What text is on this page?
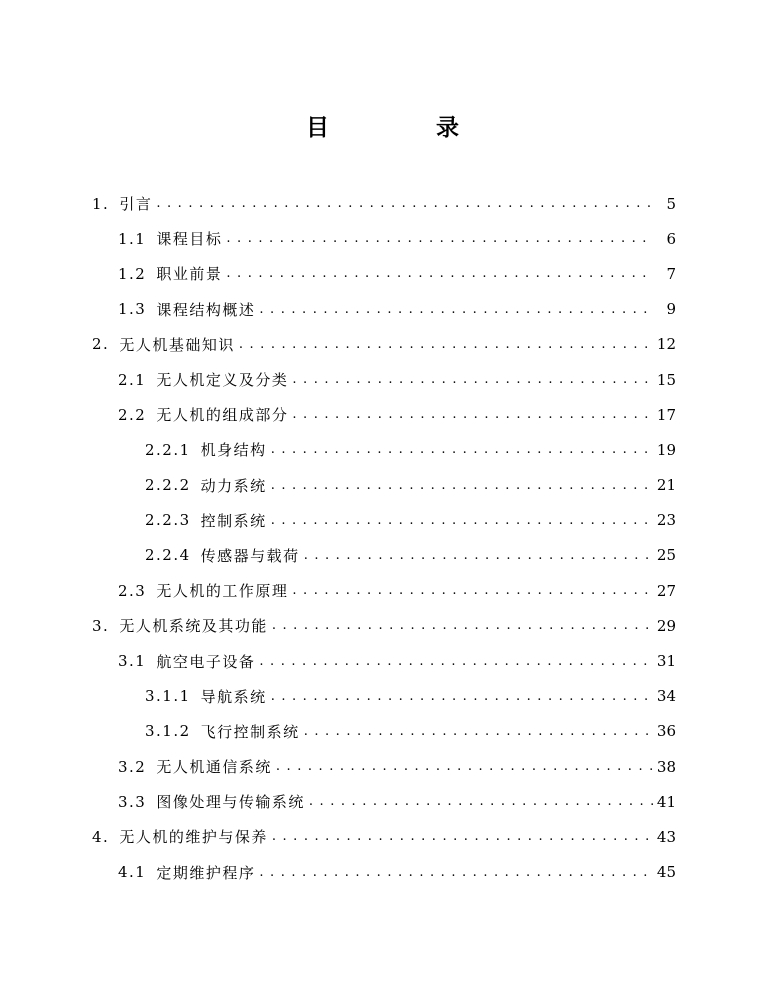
目　录
1. 引言 . . .	5
1.1 课程目标 . . .	6
1.2 职业前景 . . .	7
1.3 课程结构概述 . . .	9
2. 无人机基础知识 . . .	12
2.1 无人机定义及分类 . . .	15
2.2 无人机的组成部分 . . .	17
2.2.1 机身结构 . . .	19
2.2.2 动力系统 . . .	21
2.2.3 控制系统 . . .	23
2.2.4 传感器与载荷 . . .	25
2.3 无人机的工作原理 . . .	27
3. 无人机系统及其功能 . . .	29
3.1 航空电子设备 . . .	31
3.1.1 导航系统 . . .	34
3.1.2 飞行控制系统 . . .	36
3.2 无人机通信系统 . . .	38
3.3 图像处理与传输系统 . . .	41
4. 无人机的维护与保养 . . .	43
4.1 定期维护程序 . . .	45
